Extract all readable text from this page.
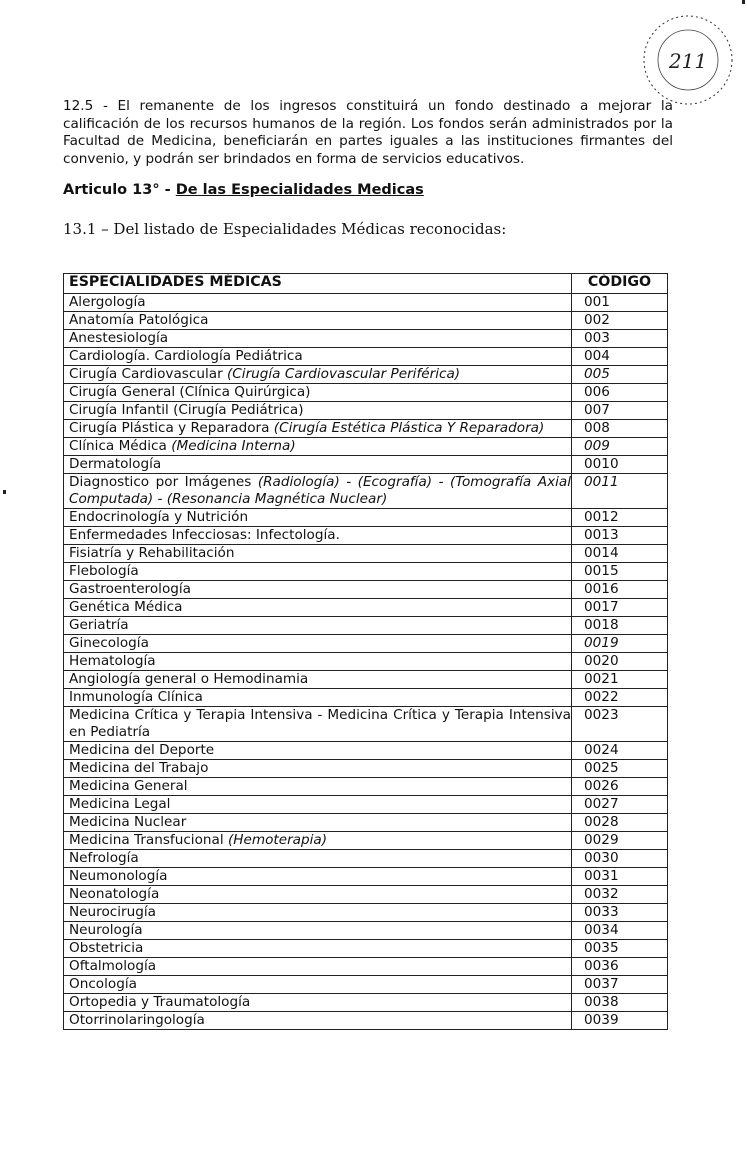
211
12.5 - El remanente de los ingresos constituirá un fondo destinado a mejorar la calificación de los recursos humanos de la región. Los fondos serán administrados por la Facultad de Medicina, beneficiarán en partes iguales a las instituciones firmantes del convenio, y podrán ser brindados en forma de servicios educativos.
Articulo 13° - De las Especialidades Medicas
13.1 – Del listado de Especialidades Médicas reconocidas:
ESPECIALIDADES MÉDICAS	CÓDIGO
Alergología	001
Anatomía Patológica	002
Anestesiología	003
Cardiología. Cardiología Pediátrica	004
Cirugía Cardiovascular (Cirugía Cardiovascular Periférica)	005
Cirugía General (Clínica Quirúrgica)	006
Cirugía Infantil (Cirugía Pediátrica)	007
Cirugía Plástica y Reparadora (Cirugía Estética Plástica Y Reparadora)	008
Clínica Médica (Medicina Interna)	009
Dermatología	0010
Diagnostico por Imágenes (Radiología) - (Ecografía) - (Tomografía Axial Computada) - (Resonancia Magnética Nuclear)	0011
Endocrinología y Nutrición	0012
Enfermedades Infecciosas: Infectología.	0013
Fisiatría y Rehabilitación	0014
Flebología	0015
Gastroenterología	0016
Genética Médica	0017
Geriatría	0018
Ginecología	0019
Hematología	0020
Angiología general o Hemodinamia	0021
Inmunología Clínica	0022
Medicina Crítica y Terapia Intensiva - Medicina Crítica y Terapia Intensiva en Pediatría	0023
Medicina del Deporte	0024
Medicina del Trabajo	0025
Medicina General	0026
Medicina Legal	0027
Medicina Nuclear	0028
Medicina Transfucional (Hemoterapia)	0029
Nefrología	0030
Neumonología	0031
Neonatología	0032
Neurocirugía	0033
Neurología	0034
Obstetricia	0035
Oftalmología	0036
Oncología	0037
Ortopedia y Traumatología	0038
Otorrinolaringología	0039
